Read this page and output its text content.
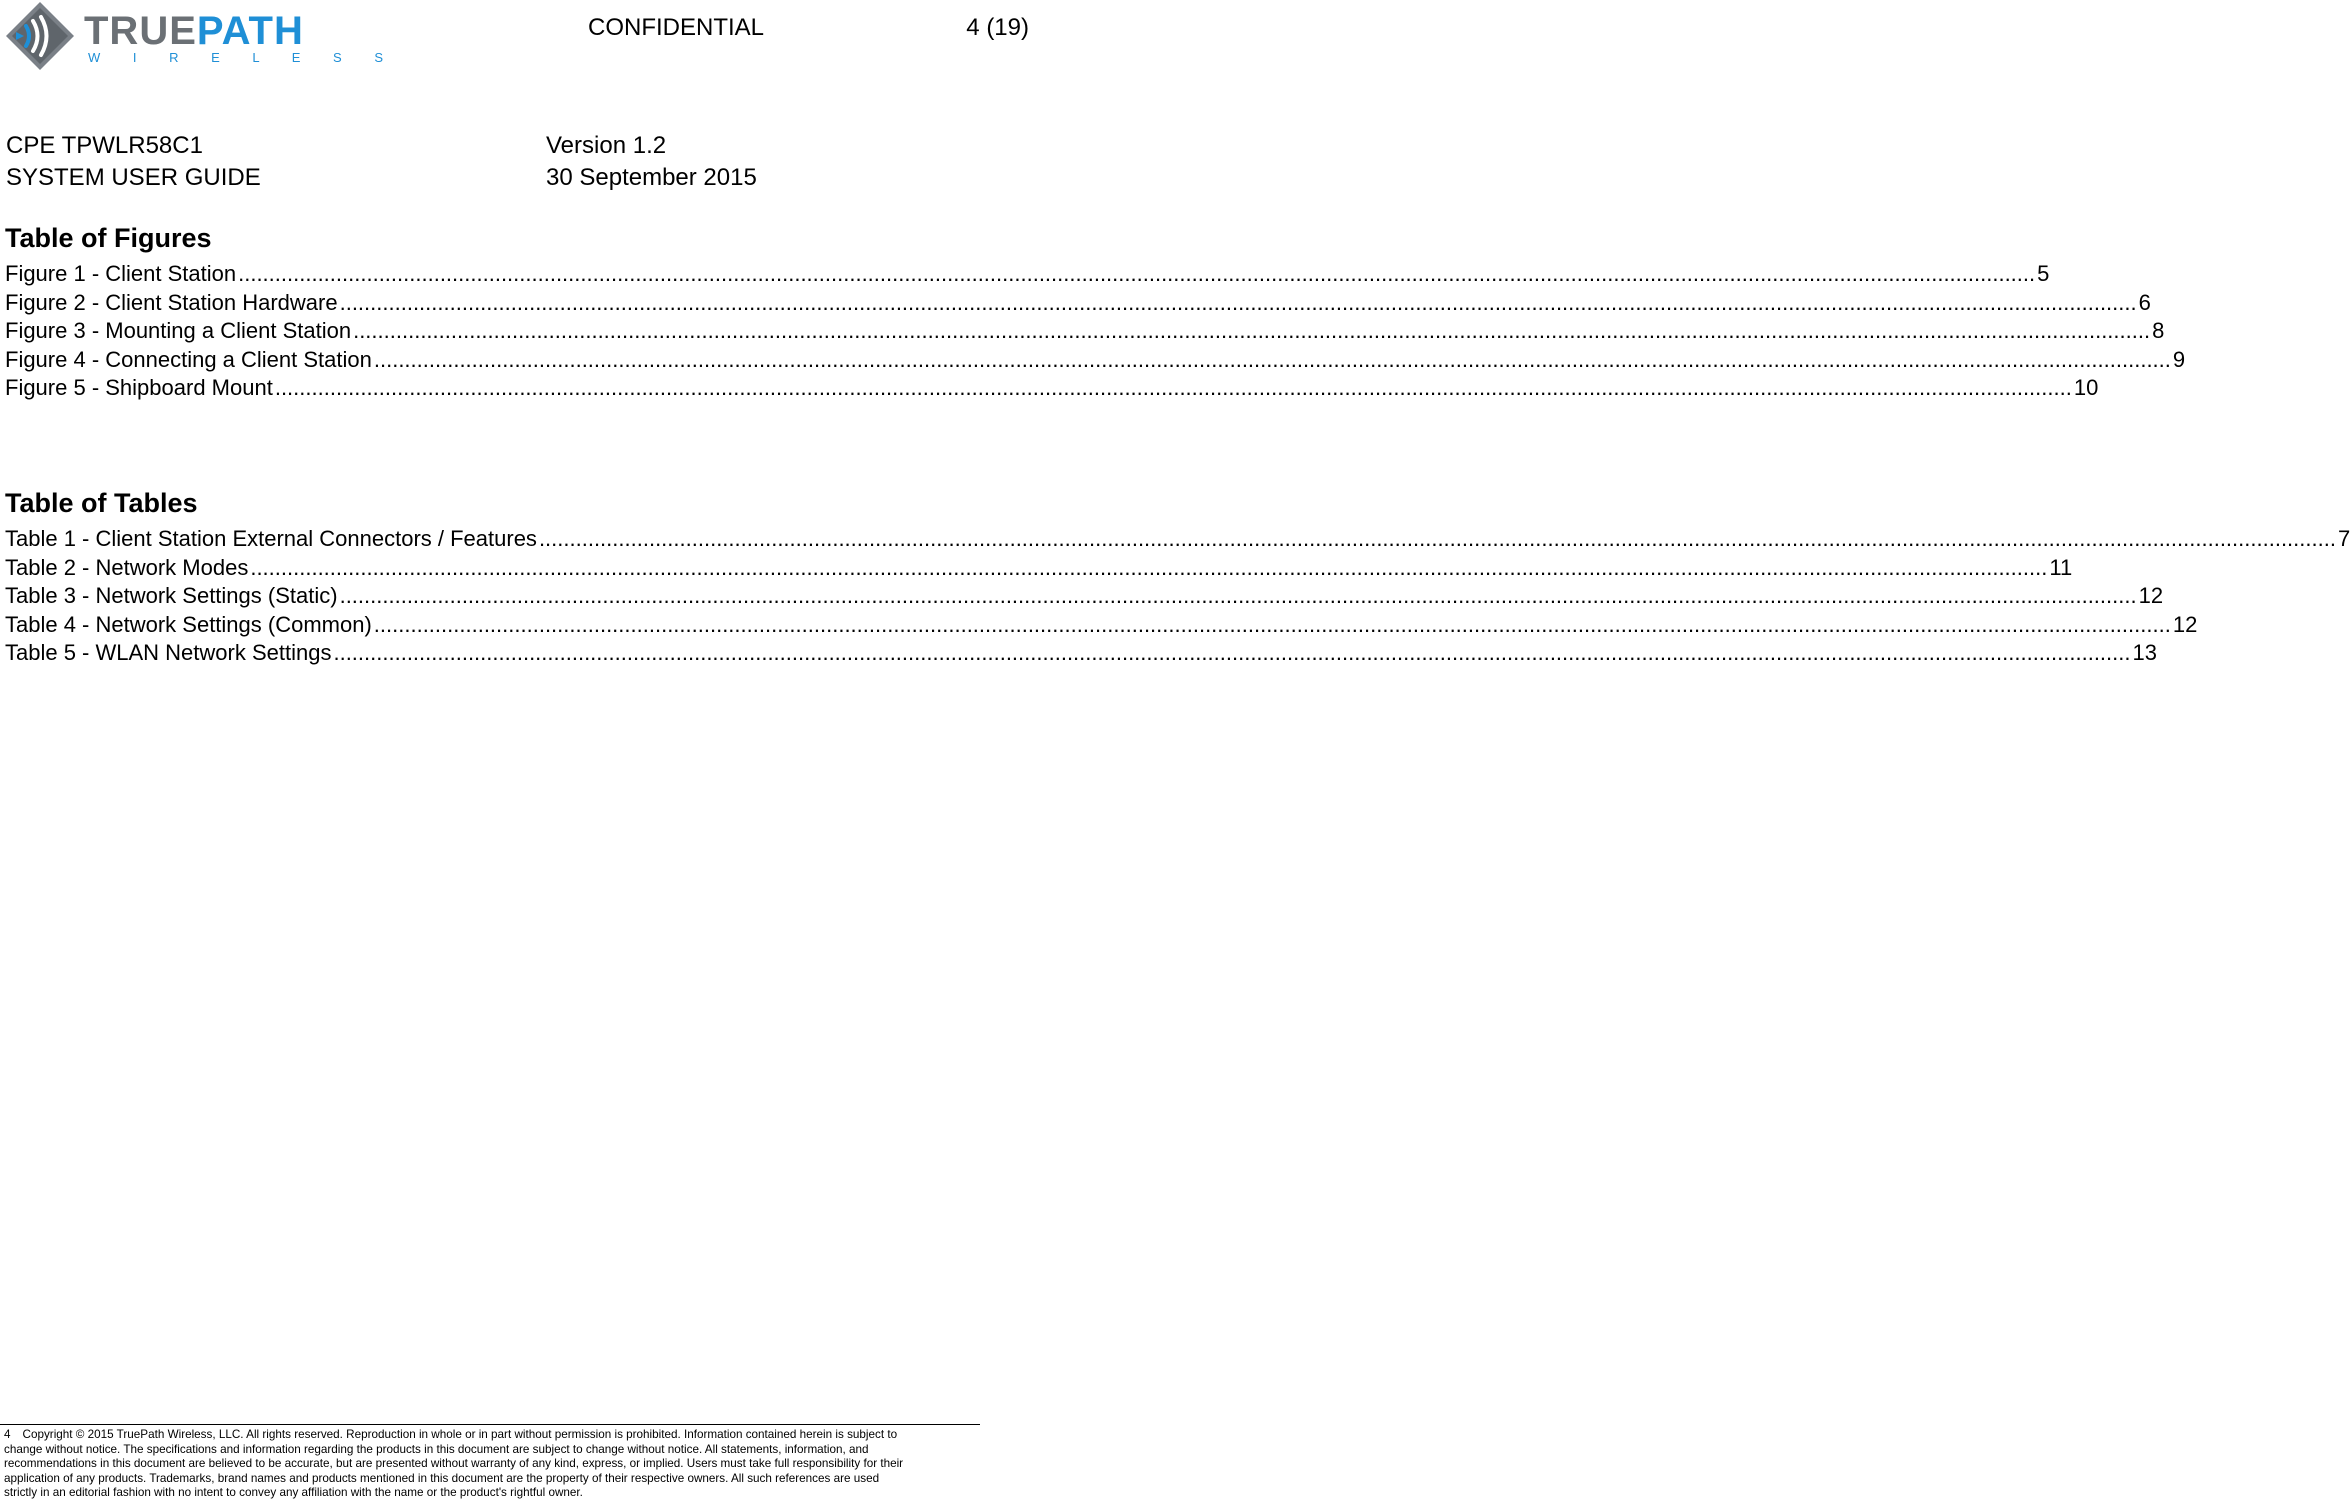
TRUEPATH
W I R E L E S S
CONFIDENTIAL	4 (19)
CPE TPWLR58C1
SYSTEM USER GUIDE
Version 1.2
30 September 2015
Table of Figures
Figure 1 - Client Station .....	5
Figure 2 - Client Station Hardware .....	6
Figure 3 - Mounting a Client Station .....	8
Figure 4 - Connecting a Client Station .....	9
Figure 5 - Shipboard Mount .....	10
Table of Tables
Table 1 - Client Station External Connectors / Features .....	7
Table 2 - Network Modes .....	11
Table 3 - Network Settings (Static) .....	12
Table 4 - Network Settings (Common) .....	12
Table 5 - WLAN Network Settings .....	13
4 Copyright © 2015 TruePath Wireless, LLC. All rights reserved. Reproduction in whole or in part without permission is prohibited. Information contained herein is subject to
change without notice. The specifications and information regarding the products in this document are subject to change without notice. All statements, information, and
recommendations in this document are believed to be accurate, but are presented without warranty of any kind, express, or implied. Users must take full responsibility for their
application of any products. Trademarks, brand names and products mentioned in this document are the property of their respective owners. All such references are used
strictly in an editorial fashion with no intent to convey any affiliation with the name or the product's rightful owner.
